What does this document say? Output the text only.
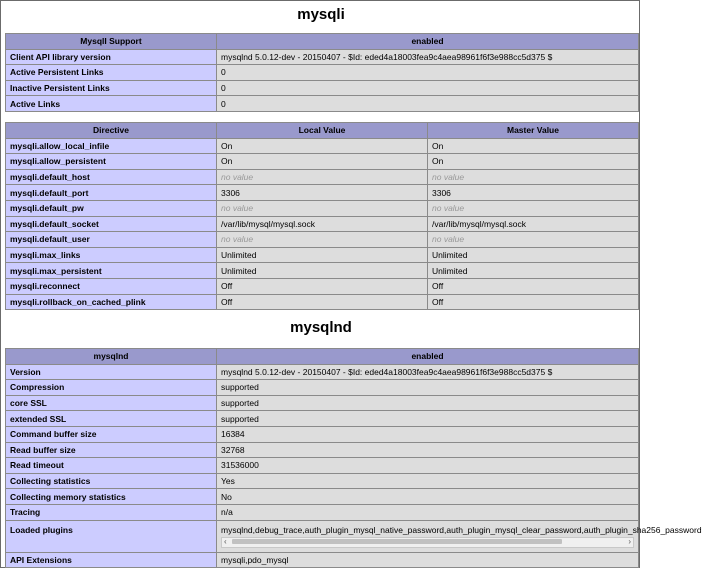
mysqli
MysqlI Support	enabled
Client API library version	mysqlnd 5.0.12-dev - 20150407 - $Id: eded4a18003fea9c4aea98961f6f3e988cc5d375 $
Active Persistent Links	0
Inactive Persistent Links	0
Active Links	0
Directive	Local Value	Master Value
mysqli.allow_local_infile	On	On
mysqli.allow_persistent	On	On
mysqli.default_host	no value	no value
mysqli.default_port	3306	3306
mysqli.default_pw	no value	no value
mysqli.default_socket	/var/lib/mysql/mysql.sock	/var/lib/mysql/mysql.sock
mysqli.default_user	no value	no value
mysqli.max_links	Unlimited	Unlimited
mysqli.max_persistent	Unlimited	Unlimited
mysqli.reconnect	Off	Off
mysqli.rollback_on_cached_plink	Off	Off
mysqlnd
mysqlnd	enabled
Version	mysqlnd 5.0.12-dev - 20150407 - $Id: eded4a18003fea9c4aea98961f6f3e988cc5d375 $
Compression	supported
core SSL	supported
extended SSL	supported
Command buffer size	16384
Read buffer size	32768
Read timeout	31536000
Collecting statistics	Yes
Collecting memory statistics	No
Tracing	n/a
Loaded plugins	mysqlnd,debug_trace,auth_plugin_mysql_native_password,auth_plugin_mysql_clear_password,auth_plugin_sha256_password
‹ ›

API Extensions	mysqli,pdo_mysql
